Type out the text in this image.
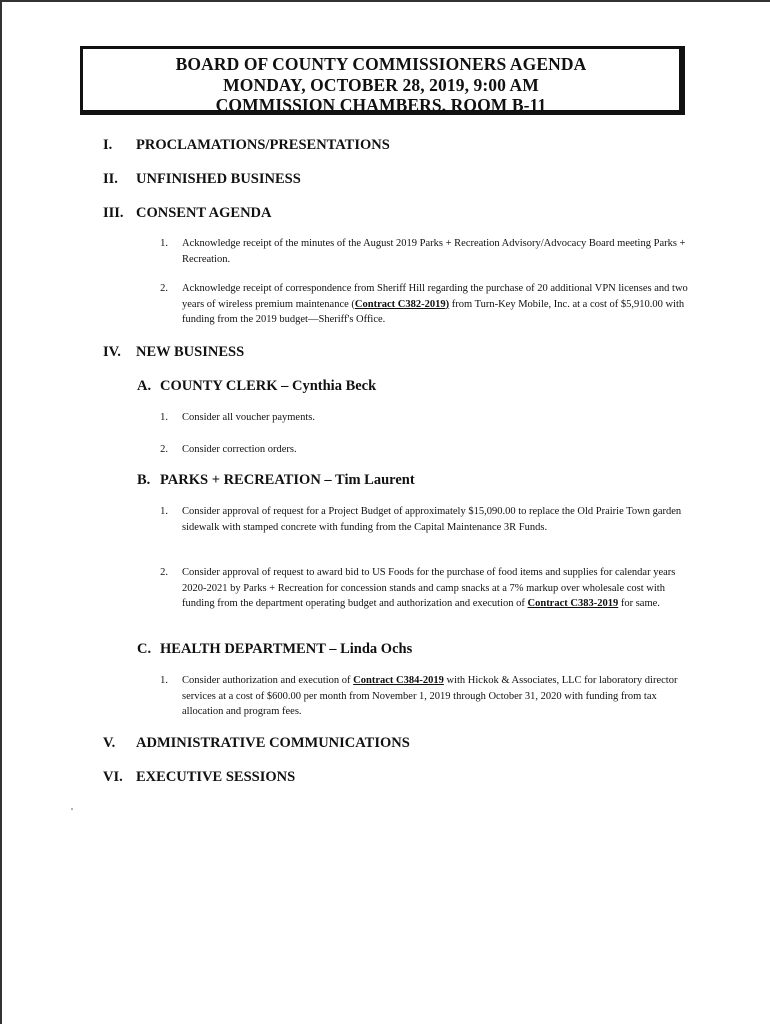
BOARD OF COUNTY COMMISSIONERS AGENDA
MONDAY, OCTOBER 28, 2019, 9:00 AM
COMMISSION CHAMBERS, ROOM B-11
I. PROCLAMATIONS/PRESENTATIONS
II. UNFINISHED BUSINESS
III. CONSENT AGENDA
1. Acknowledge receipt of the minutes of the August 2019 Parks + Recreation Advisory/Advocacy Board meeting Parks + Recreation.
2. Acknowledge receipt of correspondence from Sheriff Hill regarding the purchase of 20 additional VPN licenses and two years of wireless premium maintenance (Contract C382-2019) from Turn-Key Mobile, Inc. at a cost of $5,910.00 with funding from the 2019 budget—Sheriff's Office.
IV. NEW BUSINESS
A. COUNTY CLERK – Cynthia Beck
1. Consider all voucher payments.
2. Consider correction orders.
B. PARKS + RECREATION – Tim Laurent
1. Consider approval of request for a Project Budget of approximately $15,090.00 to replace the Old Prairie Town garden sidewalk with stamped concrete with funding from the Capital Maintenance 3R Funds.
2. Consider approval of request to award bid to US Foods for the purchase of food items and supplies for calendar years 2020-2021 by Parks + Recreation for concession stands and camp snacks at a 7% markup over wholesale cost with funding from the department operating budget and authorization and execution of Contract C383-2019 for same.
C. HEALTH DEPARTMENT – Linda Ochs
1. Consider authorization and execution of Contract C384-2019 with Hickok & Associates, LLC for laboratory director services at a cost of $600.00 per month from November 1, 2019 through October 31, 2020 with funding from tax allocation and program fees.
V. ADMINISTRATIVE COMMUNICATIONS
VI. EXECUTIVE SESSIONS
